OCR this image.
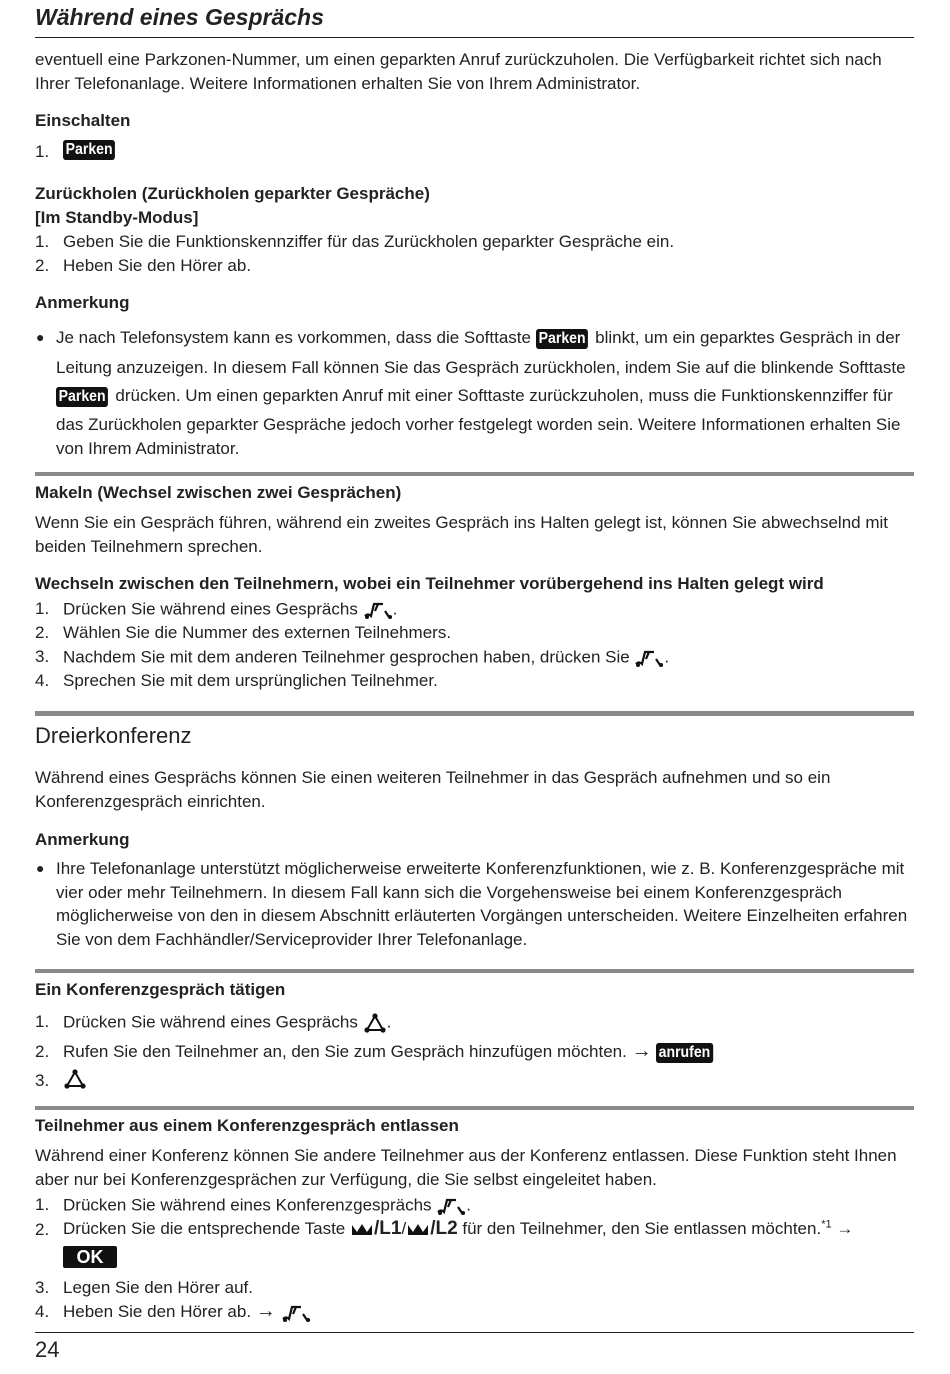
Während eines Gesprächs
eventuell eine Parkzonen-Nummer, um einen geparkten Anruf zurückzuholen. Die Verfügbarkeit richtet sich nach
Ihrer Telefonanlage. Weitere Informationen erhalten Sie von Ihrem Administrator.
Einschalten
1. Parken
Zurückholen (Zurückholen geparkter Gespräche)
[Im Standby-Modus]
1. Geben Sie die Funktionskennziffer für das Zurückholen geparkter Gespräche ein.
2. Heben Sie den Hörer ab.
Anmerkung
● Je nach Telefonsystem kann es vorkommen, dass die Softtaste Parken blinkt, um ein geparktes Gespräch in der
Leitung anzuzeigen. In diesem Fall können Sie das Gespräch zurückholen, indem Sie auf die blinkende Softtaste
Parken drücken. Um einen geparkten Anruf mit einer Softtaste zurückzuholen, muss die Funktionskennziffer für
das Zurückholen geparkter Gespräche jedoch vorher festgelegt worden sein. Weitere Informationen erhalten Sie
von Ihrem Administrator.
Makeln (Wechsel zwischen zwei Gesprächen)
Wenn Sie ein Gespräch führen, während ein zweites Gespräch ins Halten gelegt ist, können Sie abwechselnd mit
beiden Teilnehmern sprechen.
Wechseln zwischen den Teilnehmern, wobei ein Teilnehmer vorübergehend ins Halten gelegt wird
1. Drücken Sie während eines Gesprächs .
2. Wählen Sie die Nummer des externen Teilnehmers.
3. Nachdem Sie mit dem anderen Teilnehmer gesprochen haben, drücken Sie .
4. Sprechen Sie mit dem ursprünglichen Teilnehmer.
Dreierkonferenz
Während eines Gesprächs können Sie einen weiteren Teilnehmer in das Gespräch aufnehmen und so ein
Konferenzgespräch einrichten.
Anmerkung
● Ihre Telefonanlage unterstützt möglicherweise erweiterte Konferenzfunktionen, wie z. B. Konferenzgespräche mit
vier oder mehr Teilnehmern. In diesem Fall kann sich die Vorgehensweise bei einem Konferenzgespräch
möglicherweise von den in diesem Abschnitt erläuterten Vorgängen unterscheiden. Weitere Einzelheiten erfahren
Sie von dem Fachhändler/Serviceprovider Ihrer Telefonanlage.
Ein Konferenzgespräch tätigen
1. Drücken Sie während eines Gesprächs .
2. Rufen Sie den Teilnehmer an, den Sie zum Gespräch hinzufügen möchten. → anrufen
3.
Teilnehmer aus einem Konferenzgespräch entlassen
Während einer Konferenz können Sie andere Teilnehmer aus der Konferenz entlassen. Diese Funktion steht Ihnen
aber nur bei Konferenzgesprächen zur Verfügung, die Sie selbst eingeleitet haben.
1. Drücken Sie während eines Konferenzgesprächs .
2. Drücken Sie die entsprechende Taste /L1/ /L2 für den Teilnehmer, den Sie entlassen möchten.$^{*1}$ →
OK
3. Legen Sie den Hörer auf.
4. Heben Sie den Hörer ab. →
24
